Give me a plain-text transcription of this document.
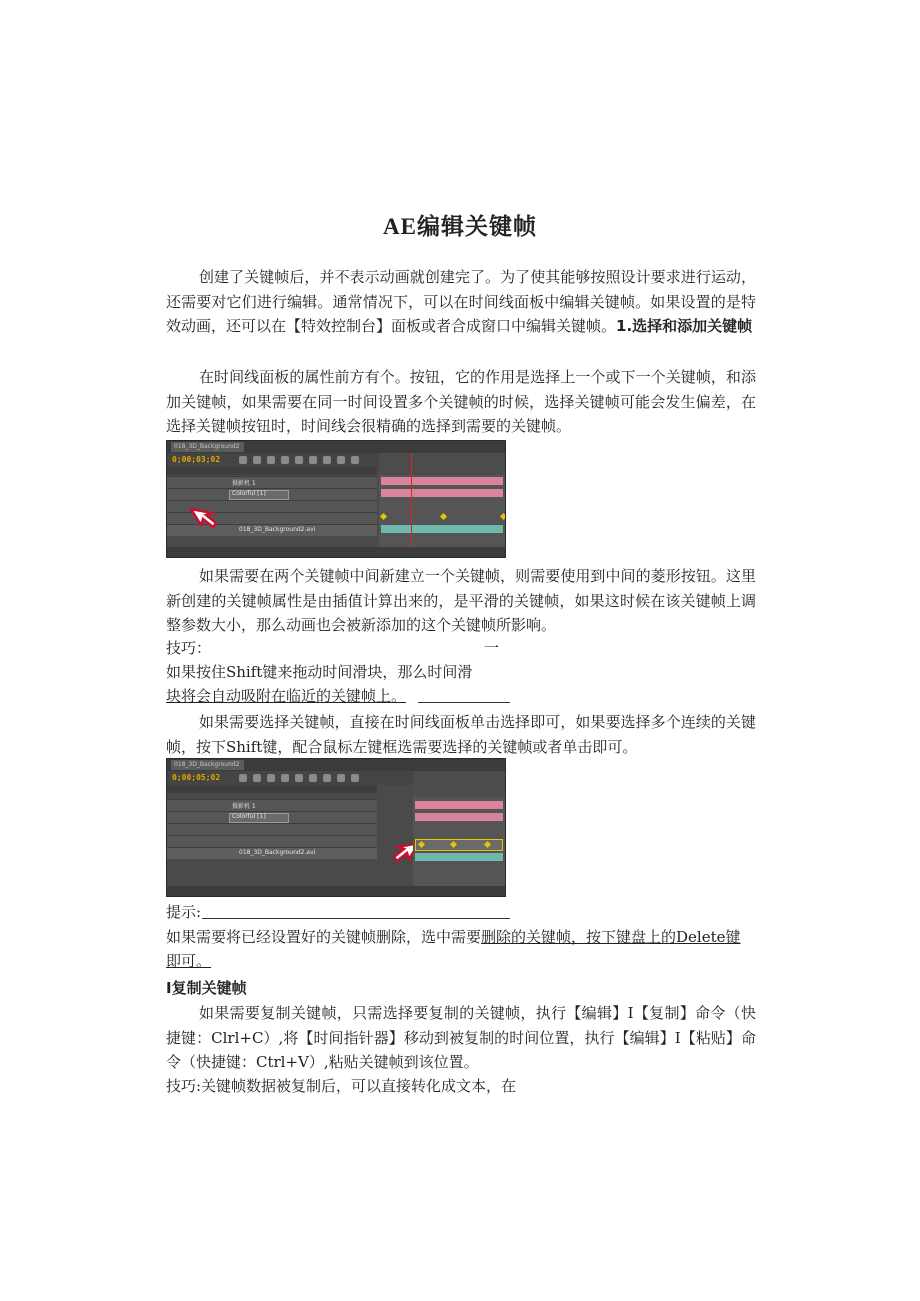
AE编辑关键帧

创建了关键帧后，并不表示动画就创建完了。为了使其能够按照设计要求进行运动，还需要对它们进行编辑。通常情况下，可以在时间线面板中编辑关键帧。如果设置的是特效动画，还可以在【特效控制台】面板或者合成窗口中编辑关键帧。1.选择和添加关键帧

在时间线面板的属性前方有个。按钮，它的作用是选择上一个或下一个关键帧，和添加关键帧，如果需要在同一时间设置多个关键帧的时候，选择关键帧可能会发生偏差，在选择关键帧按钮时，时间线会很精确的选择到需要的关键帧。

018_3D_Background2
0;00;03;02
摄影机 1
Colorful [1]
018_3D_Background2.avi

如果需要在两个关键帧中间新建立一个关键帧，则需要使用到中间的菱形按钮。这里新创建的关键帧属性是由插值计算出来的，是平滑的关键帧，如果这时候在该关键帧上调整参数大小，那么动画也会被新添加的这个关键帧所影响。

技巧：	一
如果按住Shift键来拖动时间滑块，那么时间滑
块将会自动吸附在临近的关键帧上。

如果需要选择关键帧，直接在时间线面板单击选择即可，如果要选择多个连续的关键帧，按下Shift键，配合鼠标左键框选需要选择的关键帧或者单击即可。

018_3D_Background2
0;00;05;02
摄影机 1
Colorful [1]
018_3D_Background2.avi
提示:
如果需要将已经设置好的关键帧删除，选中需要删除的关键帧，按下键盘上的Delete键
即可。
I复制关键帧

如果需要复制关键帧，只需选择要复制的关键帧，执行【编辑】I【复制】命令（快捷键：Clrl+C）,将【时间指针器】移动到被复制的时间位置，执行【编辑】I【粘贴】命令（快捷键：Ctrl+V）,粘贴关键帧到该位置。

技巧:关键帧数据被复制后，可以直接转化成文本，在
